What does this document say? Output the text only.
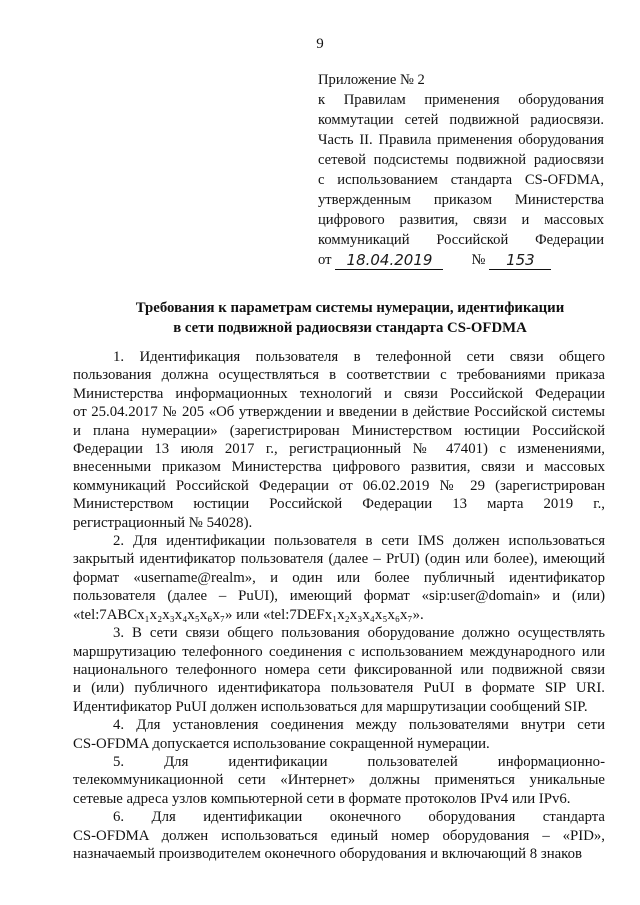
9
Приложение № 2
к Правилам применения оборудования
коммутации сетей подвижной радиосвязи.
Часть II. Правила применения оборудования
сетевой подсистемы подвижной радиосвязи
с использованием стандарта CS-OFDMA,
утвержденным приказом Министерства
цифрового развития, связи и массовых
коммуникаций Российской Федерации
от	18.04.2019	№	153
Требования к параметрам системы нумерации, идентификации
в сети подвижной радиосвязи стандарта CS-OFDMA

1. Идентификация пользователя в телефонной сети связи общего
пользования должна осуществляться в соответствии с требованиями приказа
Министерства информационных технологий и связи Российской Федерации
от 25.04.2017 № 205 «Об утверждении и введении в действие Российской системы
и плана нумерации» (зарегистрирован Министерством юстиции Российской
Федерации 13 июля 2017 г., регистрационный № 47401) с изменениями,
внесенными приказом Министерства цифрового развития, связи и массовых
коммуникаций Российской Федерации от 06.02.2019 № 29 (зарегистрирован
Министерством юстиции Российской Федерации 13 марта 2019 г.,
регистрационный № 54028).

2. Для идентификации пользователя в сети IMS должен использоваться
закрытый идентификатор пользователя (далее – PrUI) (один или более), имеющий
формат «username@realm», и один или более публичный идентификатор
пользователя (далее – PuUI), имеющий формат «sip:user@domain» и (или)
«tel:7ABCx₁x₂x₃x₄x₅x₆x₇» или «tel:7DEFx₁x₂x₃x₄x₅x₆x₇».

3. В сети связи общего пользования оборудование должно осуществлять
маршрутизацию телефонного соединения с использованием международного или
национального телефонного номера сети фиксированной или подвижной связи
и (или) публичного идентификатора пользователя PuUI в формате SIP URI.
Идентификатор PuUI должен использоваться для маршрутизации сообщений SIP.

4. Для установления соединения между пользователями внутри сети
CS-OFDMA допускается использование сокращенной нумерации.

5. Для идентификации пользователей информационно-
телекоммуникационной сети «Интернет» должны применяться уникальные
сетевые адреса узлов компьютерной сети в формате протоколов IPv4 или IPv6.

6. Для идентификации оконечного оборудования стандарта
CS-OFDMA должен использоваться единый номер оборудования – «PID»,
назначаемый производителем оконечного оборудования и включающий 8 знаков
